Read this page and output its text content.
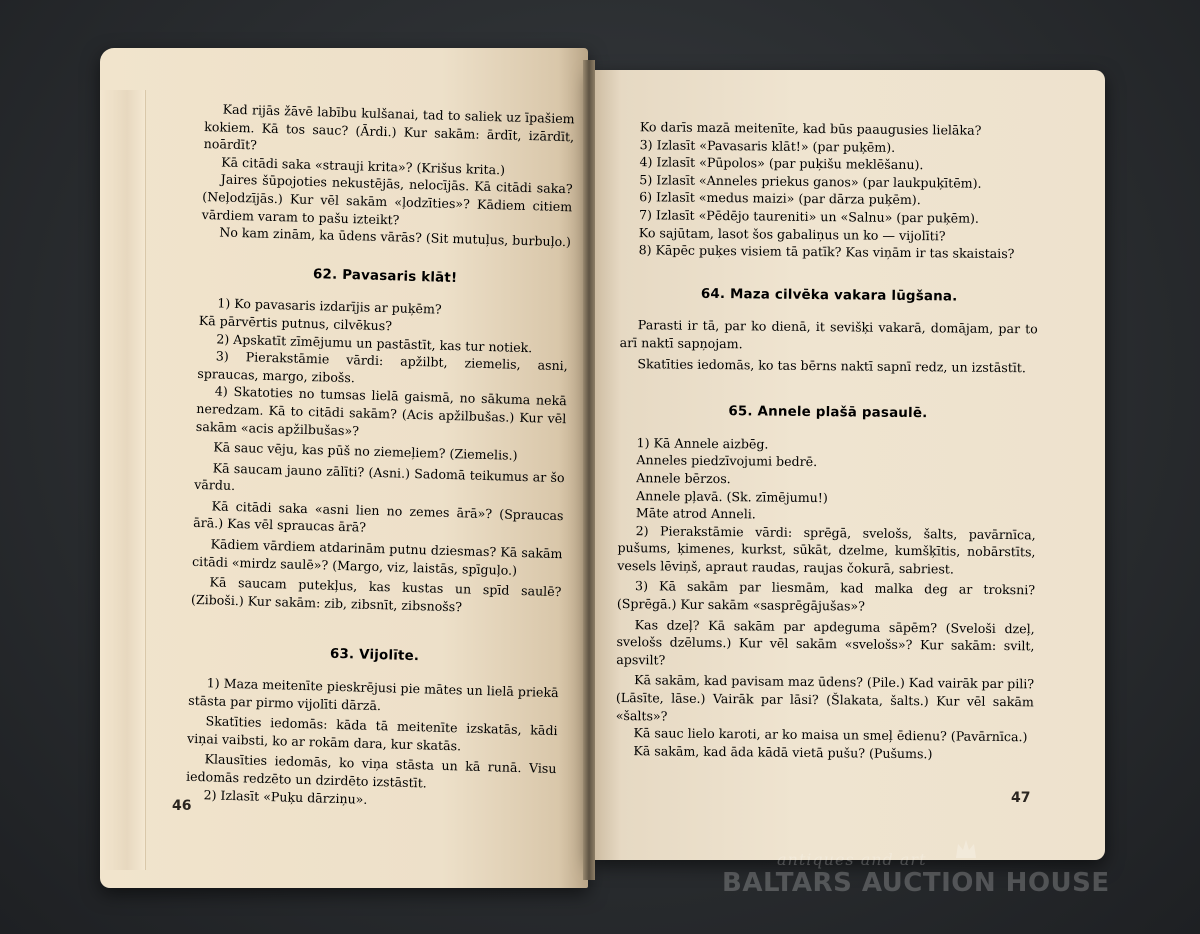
Kad rijās žāvē labību kulšanai, tad to saliek uz īpašiem kokiem. Kā tos sauc? (Ārdi.) Kur sakām: ārdīt, izārdīt, noārdīt?

Kā citādi saka «strauji krita»? (Krišus krita.)

Jaires šūpojoties nekustējās, nelocījās. Kā citādi saka? (Neļodzījās.) Kur vēl sakām «ļodzīties»? Kādiem citiem vārdiem varam to pašu izteikt?

No kam zinām, ka ūdens vārās? (Sit mutuļus, burbuļo.)

62. Pavasaris klāt!

1) Ko pavasaris izdarījis ar puķēm?

Kā pārvērtis putnus, cilvēkus?

2) Apskatīt zīmējumu un pastāstīt, kas tur notiek.

3) Pierakstāmie vārdi: apžilbt, ziemelis, asni, spraucas, margo, zibošs.

4) Skatoties no tumsas lielā gaismā, no sākuma nekā neredzam. Kā to citādi sakām? (Acis apžilbušas.) Kur vēl sakām «acis apžilbušas»?

Kā sauc vēju, kas pūš no ziemeļiem? (Ziemelis.)

Kā saucam jauno zālīti? (Asni.) Sadomā teikumus ar šo vārdu.

Kā citādi saka «asni lien no zemes ārā»? (Spraucas ārā.) Kas vēl spraucas ārā?

Kādiem vārdiem atdarinām putnu dziesmas? Kā sakām citādi «mirdz saulē»? (Margo, viz, laistās, spīguļo.)

Kā saucam putekļus, kas kustas un spīd saulē? (Ziboši.) Kur sakām: zib, zibsnīt, zibsnošs?

63. Vijolīte.

1) Maza meitenīte pieskrējusi pie mātes un lielā priekā stāsta par pirmo vijolīti dārzā.

Skatīties iedomās: kāda tā meitenīte izskatās, kādi viņai vaibsti, ko ar rokām dara, kur skatās.

Klausīties iedomās, ko viņa stāsta un kā runā. Visu iedomās redzēto un dzirdēto izstāstīt.

2) Izlasīt «Puķu dārziņu».

46

Ko darīs mazā meitenīte, kad būs paaugusies lielāka?

3) Izlasīt «Pavasaris klāt!» (par puķēm).

4) Izlasīt «Pūpolos» (par puķišu meklēšanu).

5) Izlasīt «Anneles priekus ganos» (par laukpuķītēm).

6) Izlasīt «medus maizi» (par dārza puķēm).

7) Izlasīt «Pēdējo taureniti» un «Salnu» (par puķēm).

Ko sajūtam, lasot šos gabaliņus un ko — vijolīti?

8) Kāpēc puķes visiem tā patīk? Kas viņām ir tas skaistais?

64. Maza cilvēka vakara lūgšana.

Parasti ir tā, par ko dienā, it sevišķi vakarā, domājam, par to arī naktī sapņojam.

Skatīties iedomās, ko tas bērns naktī sapnī redz, un izstāstīt.

65. Annele plašā pasaulē.

1) Kā Annele aizbēg.

Anneles piedzīvojumi bedrē.

Annele bērzos.

Annele pļavā. (Sk. zīmējumu!)

Māte atrod Anneli.

2) Pierakstāmie vārdi: sprēgā, svelošs, šalts, pavārnīca, pušums, ķimenes, kurkst, sūkāt, dzelme, kumšķītis, nobārstīts, vesels lēviņš, apraut raudas, raujas čokurā, sabriest.

3) Kā sakām par liesmām, kad malka deg ar troksni? (Sprēgā.) Kur sakām «sasprēgājušas»?

Kas dzeļ? Kā sakām par apdeguma sāpēm? (Sveloši dzeļ, svelošs dzēlums.) Kur vēl sakām «svelošs»? Kur sakām: svilt, apsvilt?

Kā sakām, kad pavisam maz ūdens? (Pile.) Kad vairāk par pili? (Lāsīte, lāse.) Vairāk par lāsi? (Šlakata, šalts.) Kur vēl sakām «šalts»?

Kā sauc lielo karoti, ar ko maisa un smeļ ēdienu? (Pavārnīca.)

Kā sakām, kad āda kādā vietā pušu? (Pušums.)

47
antiques and art
BALTARS AUCTION HOUSE
